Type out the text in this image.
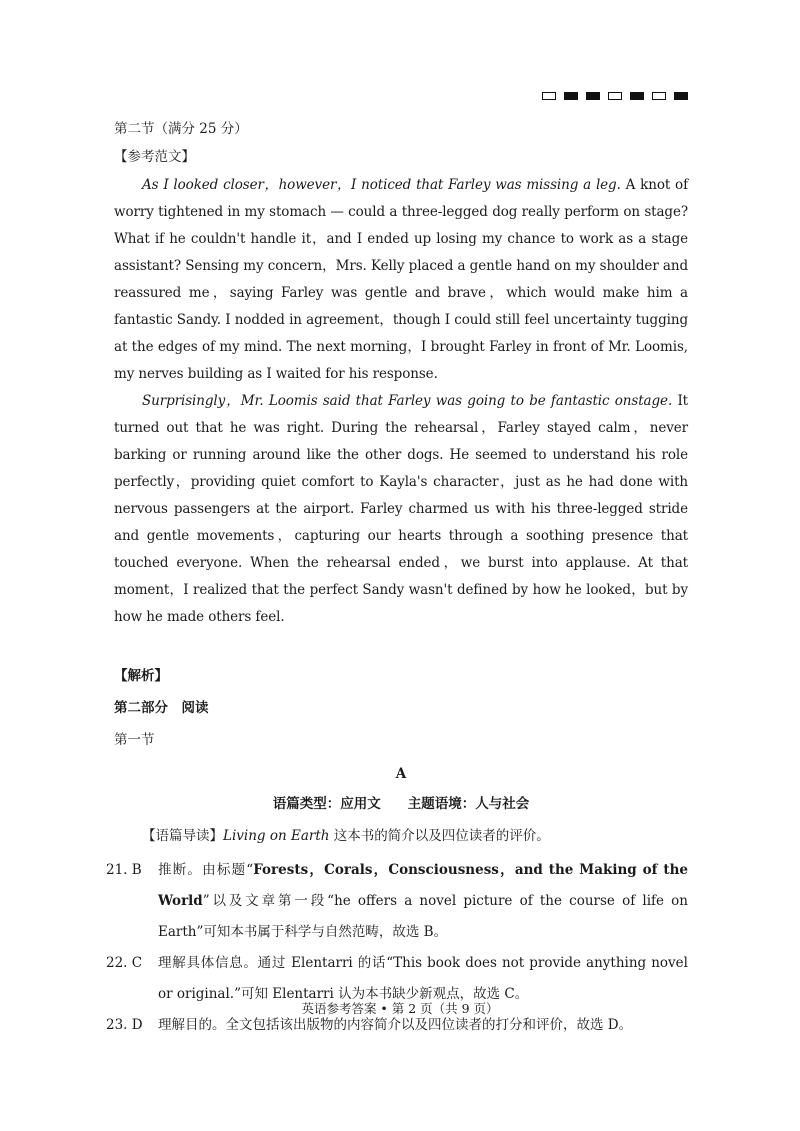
第二节（满分 25 分）
【参考范文】

As I looked closer，however，I noticed that Farley was missing a leg. A knot of worry tightened in my stomach — could a three-legged dog really perform on stage? What if he couldn't handle it，and I ended up losing my chance to work as a stage assistant? Sensing my concern，Mrs. Kelly placed a gentle hand on my shoulder and reassured me，saying Farley was gentle and brave，which would make him a fantastic Sandy. I nodded in agreement，though I could still feel uncertainty tugging at the edges of my mind. The next morning，I brought Farley in front of Mr. Loomis, my nerves building as I waited for his response.

Surprisingly，Mr. Loomis said that Farley was going to be fantastic onstage. It turned out that he was right. During the rehearsal，Farley stayed calm，never barking or running around like the other dogs. He seemed to understand his role perfectly，providing quiet comfort to Kayla's character，just as he had done with nervous passengers at the airport. Farley charmed us with his three-legged stride and gentle movements，capturing our hearts through a soothing presence that touched everyone. When the rehearsal ended，we burst into applause. At that moment，I realized that the perfect Sandy wasn't defined by how he looked，but by how he made others feel.

【解析】
第二部分　阅读
第一节
A
语篇类型：应用文　　主题语境：人与社会
【语篇导读】Living on Earth 这本书的简介以及四位读者的评价。
21. B	推断。由标题“Forests，Corals，Consciousness，and the Making of the World”以及文章第一段“he offers a novel picture of the course of life on Earth”可知本书属于科学与自然范畴，故选 B。
22. C	理解具体信息。通过 Elentarri 的话“This book does not provide anything novel or original.”可知 Elentarri 认为本书缺少新观点，故选 C。
23. D	理解目的。全文包括该出版物的内容简介以及四位读者的打分和评价，故选 D。
英语参考答案 • 第 2 页（共 9 页）
